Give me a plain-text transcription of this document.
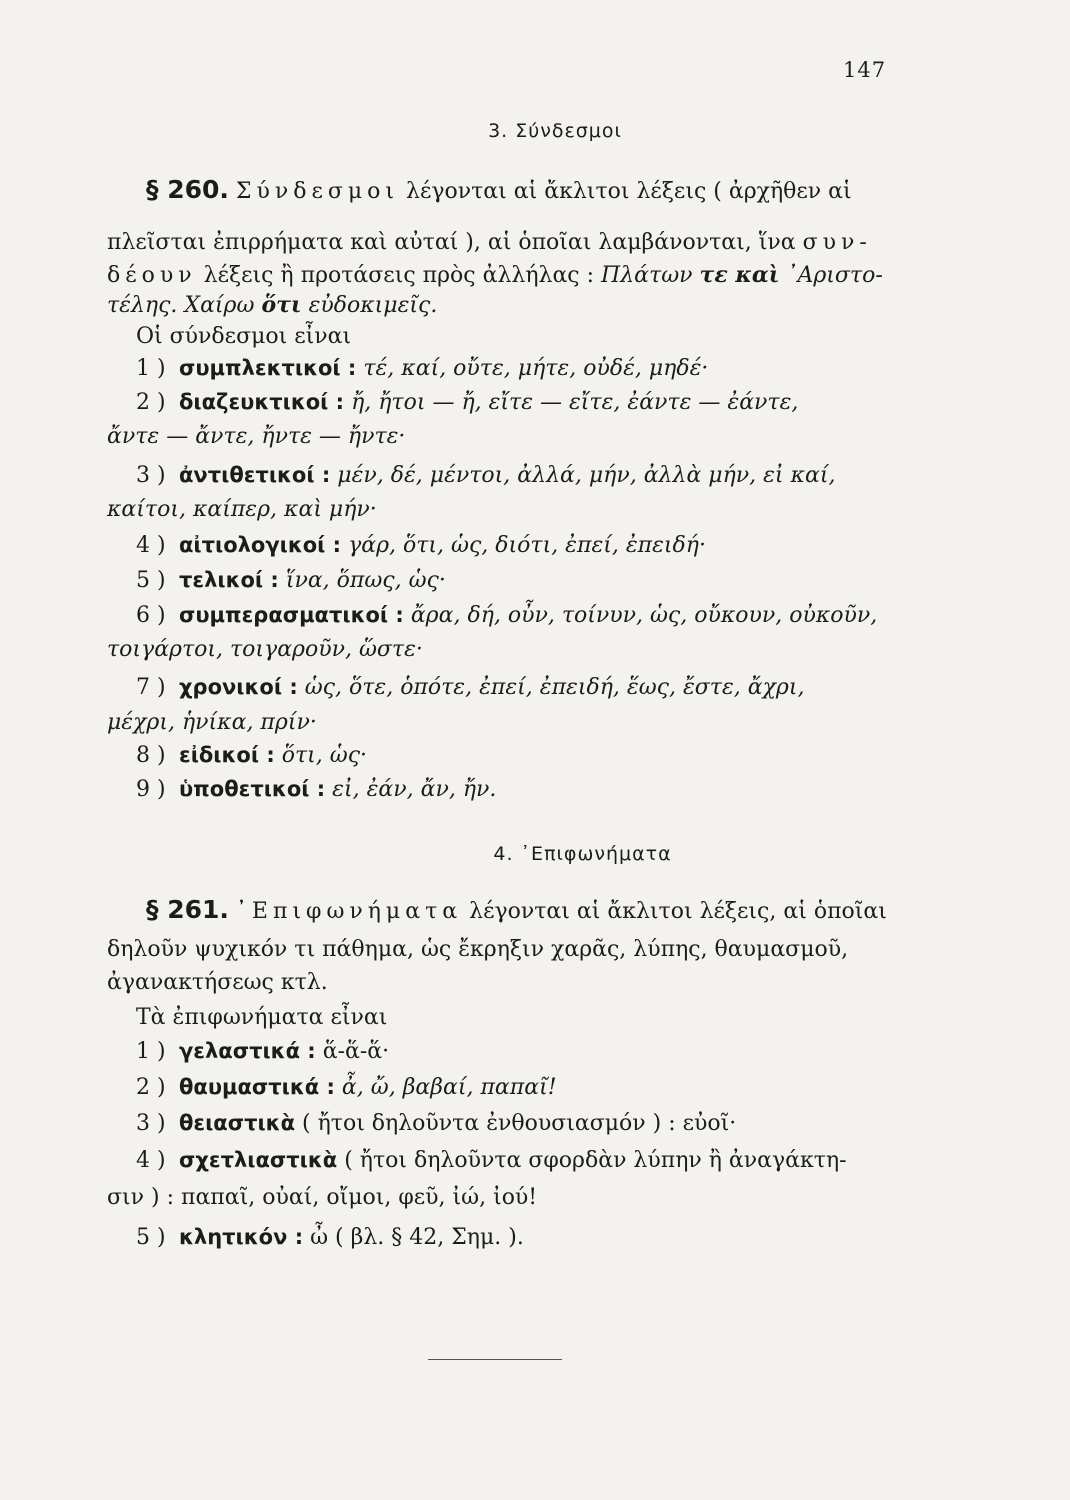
147
3. Σύνδεσμοι
§ 260. Σύνδεσμοι λέγονται αἱ ἄκλιτοι λέξεις ( ἀρχῆθεν αἱ
πλεῖσται ἐπιρρήματα καὶ αὐταί ), αἱ ὁποῖαι λαμβάνονται, ἵνα συν-
δέουν λέξεις ἢ προτάσεις πρὸς ἀλλήλας : Πλάτων τε καὶ ᾿Αριστο-
τέλης. Χαίρω ὅτι εὐδοκιμεῖς.
Οἱ σύνδεσμοι εἶναι
1 ) συμπλεκτικοί : τέ, καί, οὔτε, μήτε, οὐδέ, μηδέ·
2 ) διαζευκτικοί : ἤ, ἤτοι — ἤ, εἴτε — εἴτε, ἐάντε — ἐάντε,
ἄντε — ἄντε, ἤντε — ἤντε·
3 ) ἀντιθετικοί : μέν, δέ, μέντοι, ἀλλά, μήν, ἀλλὰ μήν, εἰ καί,
καίτοι, καίπερ, καὶ μήν·
4 ) αἰτιολογικοί : γάρ, ὅτι, ὡς, διότι, ἐπεί, ἐπειδή·
5 ) τελικοί : ἵνα, ὅπως, ὡς·
6 ) συμπερασματικοί : ἄρα, δή, οὖν, τοίνυν, ὡς, οὔκουν, οὐκοῦν,
τοιγάρτοι, τοιγαροῦν, ὥστε·
7 ) χρονικοί : ὡς, ὅτε, ὁπότε, ἐπεί, ἐπειδή, ἕως, ἔστε, ἄχρι,
μέχρι, ἡνίκα, πρίν·
8 ) εἰδικοί : ὅτι, ὡς·
9 ) ὑποθετικοί : εἰ, ἐάν, ἄν, ἤν.
4. ᾿Επιφωνήματα
§ 261. ᾿Επιφωνήματα λέγονται αἱ ἄκλιτοι λέξεις, αἱ ὁποῖαι
δηλοῦν ψυχικόν τι πάθημα, ὡς ἔκρηξιν χαρᾶς, λύπης, θαυμασμοῦ,
ἀγανακτήσεως κτλ.
Τὰ ἐπιφωνήματα εἶναι
1 ) γελαστικά : ἅ-ἅ-ἅ·
2 ) θαυμαστικά : ἆ, ὤ, βαβαί, παπαῖ!
3 ) θειαστικὰ ( ἤτοι δηλοῦντα ἐνθουσιασμόν ) : εὐοῖ·
4 ) σχετλιαστικὰ ( ἤτοι δηλοῦντα σφορδὰν λύπην ἢ ἀναγάκτη-
σιν ) : παπαῖ, οὐαί, οἴμοι, φεῦ, ἰώ, ἰού!
5 ) κλητικόν : ὦ ( βλ. § 42, Σημ. ).
